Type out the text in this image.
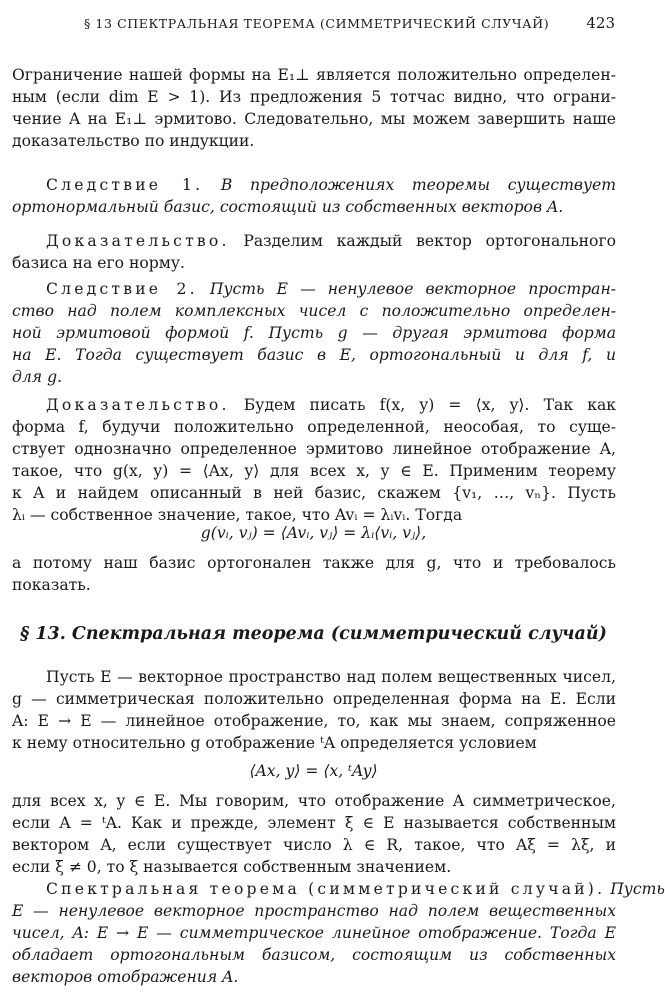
§ 13 СПЕКТРАЛЬНАЯ ТЕОРЕМА (СИММЕТРИЧЕСКИЙ СЛУЧАЙ) 423
Ограничение нашей формы на E₁⊥ является положительно определен-
ным (если dim E > 1). Из предложения 5 тотчас видно, что ограни-
чение A на E₁⊥ эрмитово. Следовательно, мы можем завершить наше
доказательство по индукции.
Следствие 1. В предположениях теоремы существует
ортонормальный базис, состоящий из собственных векторов A.
Доказательство. Разделим каждый вектор ортогонального
базиса на его норму.
Следствие 2. Пусть E — ненулевое векторное простран-
ство над полем комплексных чисел с положительно определен-
ной эрмитовой формой f. Пусть g — другая эрмитова форма
на E. Тогда существует базис в E, ортогональный и для f, и
для g.
Доказательство. Будем писать f(x, y) = ⟨x, y⟩. Так как
форма f, будучи положительно определенной, неособая, то суще-
ствует однозначно определенное эрмитово линейное отображение A,
такое, что g(x, y) = ⟨Ax, y⟩ для всех x, y ∈ E. Применим теорему
к A и найдем описанный в ней базис, скажем {v₁, …, vₙ}. Пусть
λᵢ — собственное значение, такое, что Avᵢ = λᵢvᵢ. Тогда
g(vᵢ, vⱼ) = ⟨Avᵢ, vⱼ⟩ = λᵢ⟨vᵢ, vⱼ⟩,
а потому наш базис ортогонален также для g, что и требовалось
показать.
§ 13. Спектральная теорема (симметрический случай)
Пусть E — векторное пространство над полем вещественных чисел,
g — симметрическая положительно определенная форма на E. Если
A: E → E — линейное отображение, то, как мы знаем, сопряженное
к нему относительно g отображение ᵗA определяется условием
⟨Ax, y⟩ = ⟨x, ᵗAy⟩
для всех x, y ∈ E. Мы говорим, что отображение A симметрическое,
если A = ᵗA. Как и прежде, элемент ξ ∈ E называется собственным
вектором A, если существует число λ ∈ R, такое, что Aξ = λξ, и
если ξ ≠ 0, то ξ называется собственным значением.
Спектральная теорема (симметрический случай). Пусть
E — ненулевое векторное пространство над полем вещественных
чисел, A: E → E — симметрическое линейное отображение. Тогда E
обладает ортогональным базисом, состоящим из собственных
векторов отображения A.
